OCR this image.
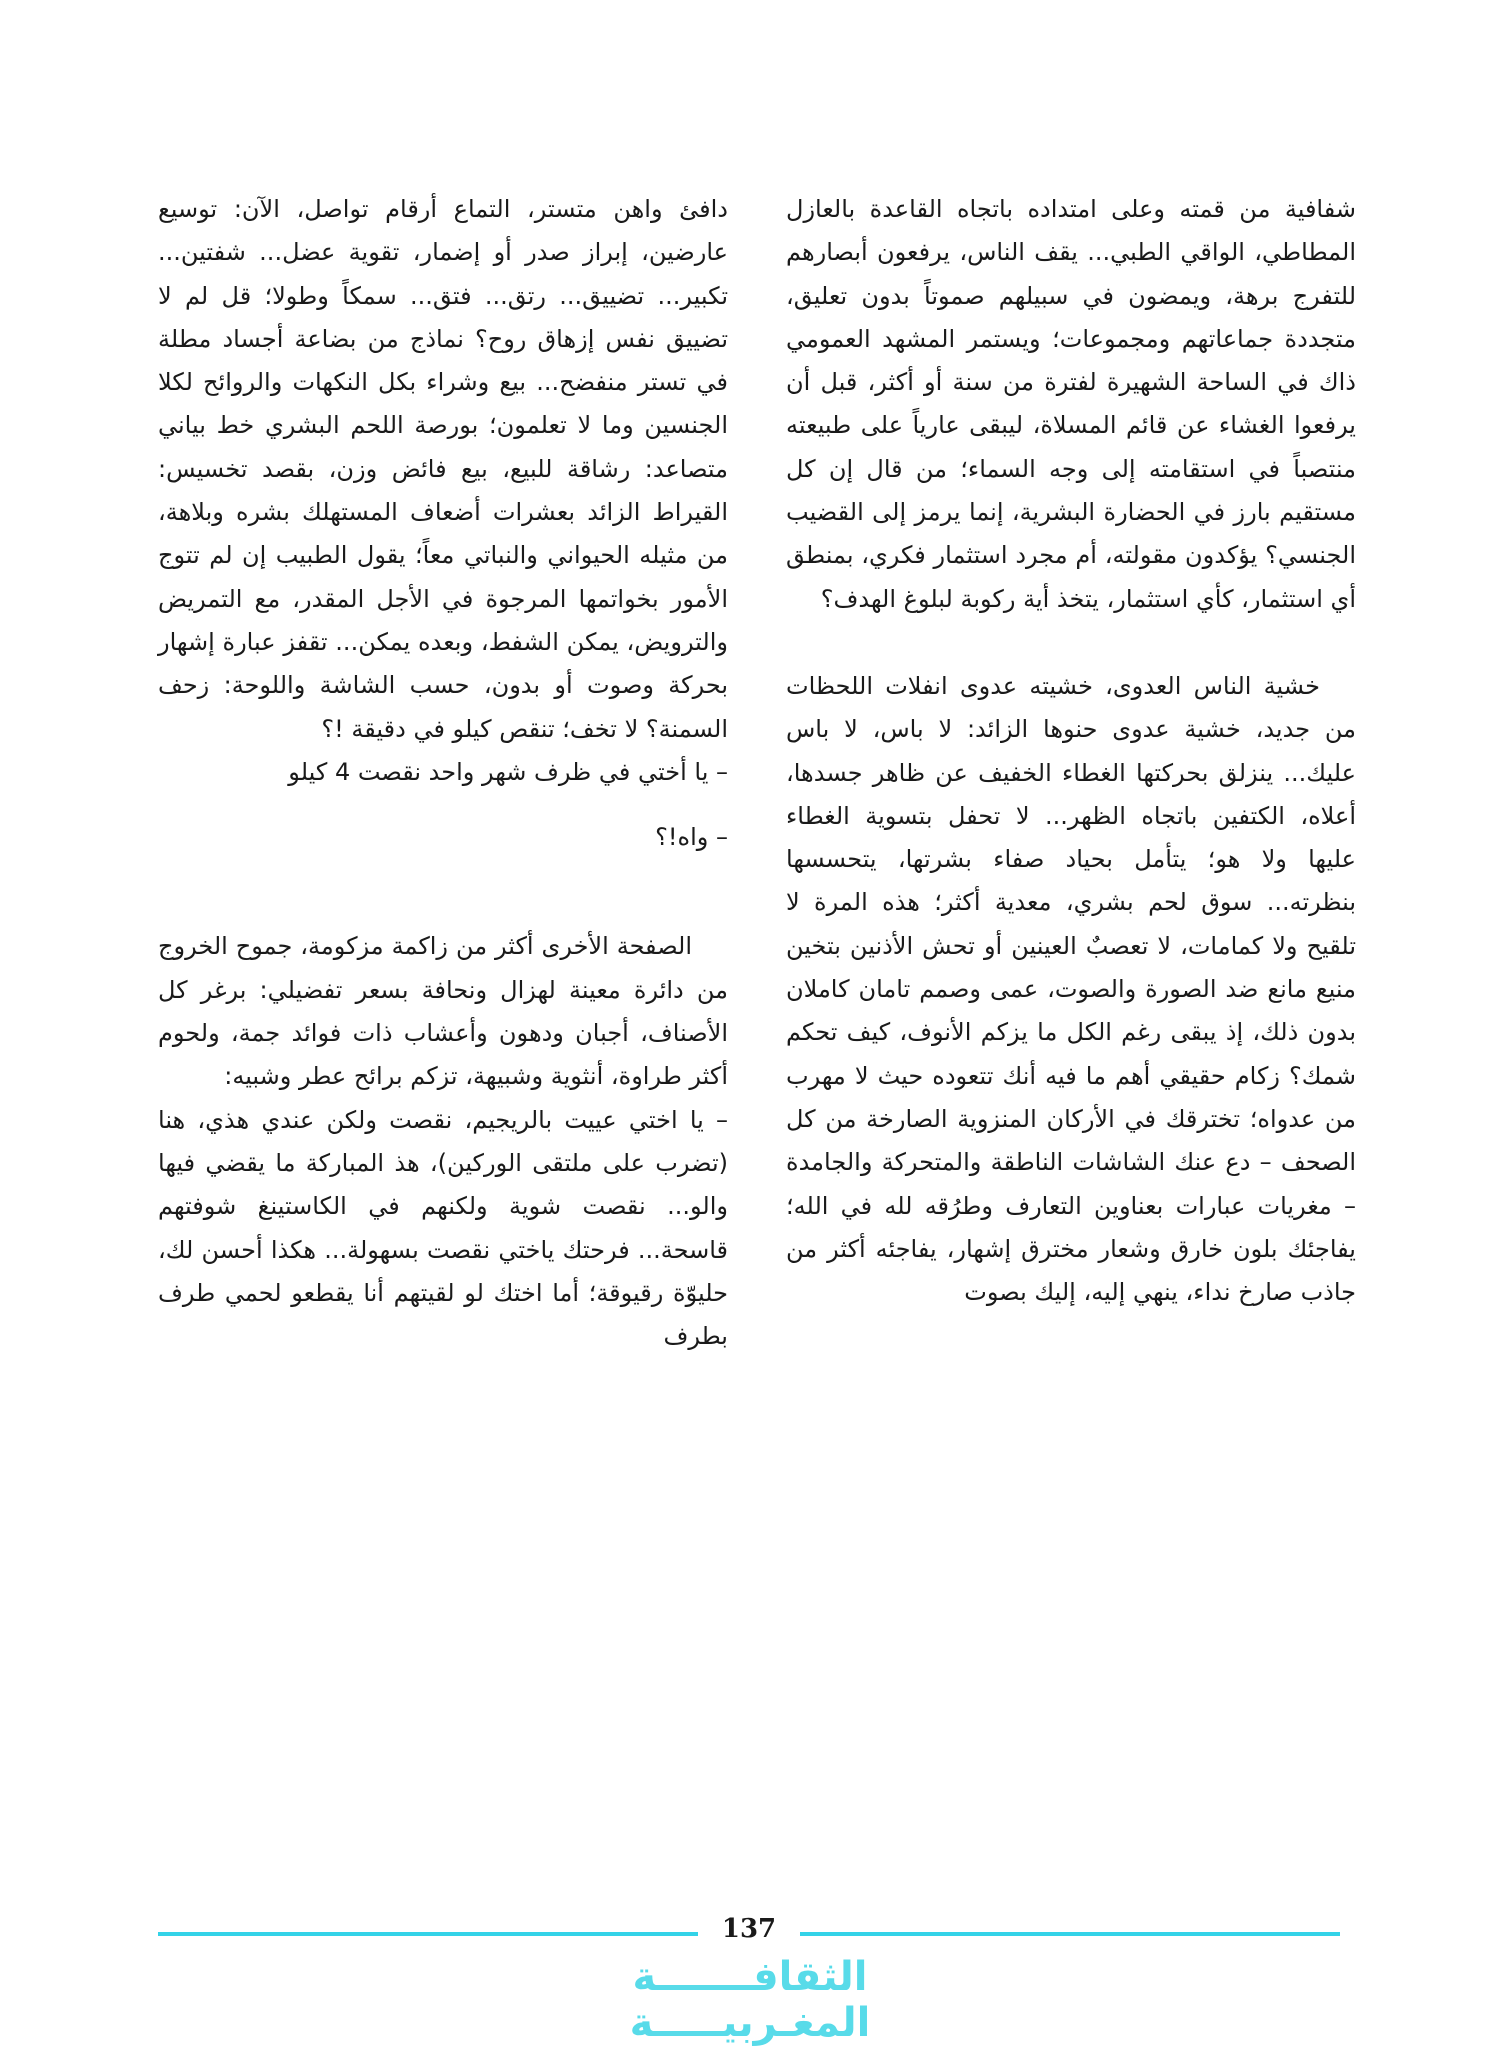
شفافية من قمته وعلى امتداده باتجاه القاعدة بالعازل المطاطي، الواقي الطبي... يقف الناس، يرفعون أبصارهم للتفرج برهة، ويمضون في سبيلهم صموتاً بدون تعليق، متجددة جماعاتهم ومجموعات؛ ويستمر المشهد العمومي ذاك في الساحة الشهيرة لفترة من سنة أو أكثر، قبل أن يرفعوا الغشاء عن قائم المسلاة، ليبقى عارياً على طبيعته منتصباً في استقامته إلى وجه السماء؛ من قال إن كل مستقيم بارز في الحضارة البشرية، إنما يرمز إلى القضيب الجنسي؟ يؤكدون مقولته، أم مجرد استثمار فكري، بمنطق أي استثمار، كأي استثمار، يتخذ أية ركوبة لبلوغ الهدف؟

خشية الناس العدوى، خشيته عدوى انفلات اللحظات من جديد، خشية عدوى حنوها الزائد: لا باس، لا باس عليك... ينزلق بحركتها الغطاء الخفيف عن ظاهر جسدها، أعلاه، الكتفين باتجاه الظهر... لا تحفل بتسوية الغطاء عليها ولا هو؛ يتأمل بحياد صفاء بشرتها، يتحسسها بنظرته... سوق لحم بشري، معدية أكثر؛ هذه المرة لا تلقيح ولا كمامات، لا تعصبٌ العينين أو تحش الأذنين بتخين منيع مانع ضد الصورة والصوت، عمى وصمم تامان كاملان بدون ذلك، إذ يبقى رغم الكل ما يزكم الأنوف، كيف تحكم شمك؟ زكام حقيقي أهم ما فيه أنك تتعوده حيث لا مهرب من عدواه؛ تخترقك في الأركان المنزوية الصارخة من كل الصحف – دع عنك الشاشات الناطقة والمتحركة والجامدة – مغريات عبارات بعناوين التعارف وطرُقه لله في الله؛ يفاجئك بلون خارق وشعار مخترق إشهار، يفاجئه أكثر من جاذب صارخ نداء، ينهي إليه، إليك بصوت

دافئ واهن متستر، التماع أرقام تواصل، الآن: توسيع عارضين، إبراز صدر أو إضمار، تقوية عضل... شفتين... تكبير... تضييق... رتق... فتق... سمكاً وطولا؛ قل لم لا تضييق نفس إزهاق روح؟ نماذج من بضاعة أجساد مطلة في تستر منفضح... بيع وشراء بكل النكهات والروائح لكلا الجنسين وما لا تعلمون؛ بورصة اللحم البشري خط بياني متصاعد: رشاقة للبيع، بيع فائض وزن، بقصد تخسيس: القيراط الزائد بعشرات أضعاف المستهلك بشره وبلاهة، من مثيله الحيواني والنباتي معاً؛ يقول الطبيب إن لم تتوج الأمور بخواتمها المرجوة في الأجل المقدر، مع التمريض والترويض، يمكن الشفط، وبعده يمكن... تقفز عبارة إشهار بحركة وصوت أو بدون، حسب الشاشة واللوحة: زحف السمنة؟ لا تخف؛ تنقص كيلو في دقيقة !؟

– يا أختي في ظرف شهر واحد نقصت 4 كيلو

– واه!؟

الصفحة الأخرى أكثر من زاكمة مزكومة، جموح الخروج من دائرة معينة لهزال ونحافة بسعر تفضيلي: برغر كل الأصناف، أجبان ودهون وأعشاب ذات فوائد جمة، ولحوم أكثر طراوة، أنثوية وشبيهة، تزكم برائح عطر وشبيه:

– يا اختي عييت بالريجيم، نقصت ولكن عندي هذي، هنا (تضرب على ملتقى الوركين)، هذ المباركة ما يقضي فيها والو... نقصت شوية ولكنهم في الكاستينغ شوفتهم قاسحة... فرحتك ياختي نقصت بسهولة... هكذا أحسن لك، حليوّة رقيوقة؛ أما اختك لو لقيتهم أنا يقطعو لحمي طرف بطرف

137
الثقافـــــــة المغـربيـــــة
